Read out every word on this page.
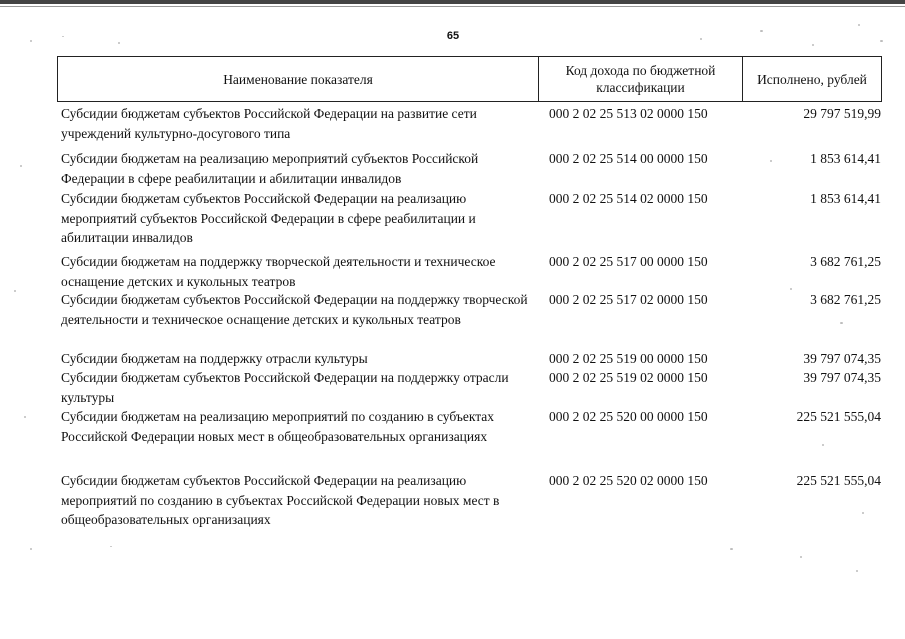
65
Наименование показателя
Код дохода по бюджетной классификации
Исполнено, рублей
Субсидии бюджетам субъектов Российской Федерации на развитие сети учреждений культурно-досугового типа
000 2 02 25 513 02 0000 150	29 797 519,99
Субсидии бюджетам на реализацию мероприятий субъектов Российской Федерации в сфере реабилитации и абилитации инвалидов
000 2 02 25 514 00 0000 150	1 853 614,41
Субсидии бюджетам субъектов Российской Федерации на реализацию мероприятий субъектов Российской Федерации в сфере реабилитации и абилитации инвалидов
000 2 02 25 514 02 0000 150	1 853 614,41
Субсидии бюджетам на поддержку творческой деятельности и техническое оснащение детских и кукольных театров
000 2 02 25 517 00 0000 150	3 682 761,25
Субсидии бюджетам субъектов Российской Федерации на поддержку творческой деятельности и техническое оснащение детских и кукольных театров
000 2 02 25 517 02 0000 150	3 682 761,25
Субсидии бюджетам на поддержку отрасли культуры	000 2 02 25 519 00 0000 150	39 797 074,35
Субсидии бюджетам субъектов Российской Федерации на поддержку отрасли культуры
000 2 02 25 519 02 0000 150	39 797 074,35
Субсидии бюджетам на реализацию мероприятий по созданию в субъектах Российской Федерации новых мест в общеобразовательных организациях
000 2 02 25 520 00 0000 150	225 521 555,04
Субсидии бюджетам субъектов Российской Федерации на реализацию мероприятий по созданию в субъектах Российской Федерации новых мест в общеобразовательных организациях
000 2 02 25 520 02 0000 150	225 521 555,04
